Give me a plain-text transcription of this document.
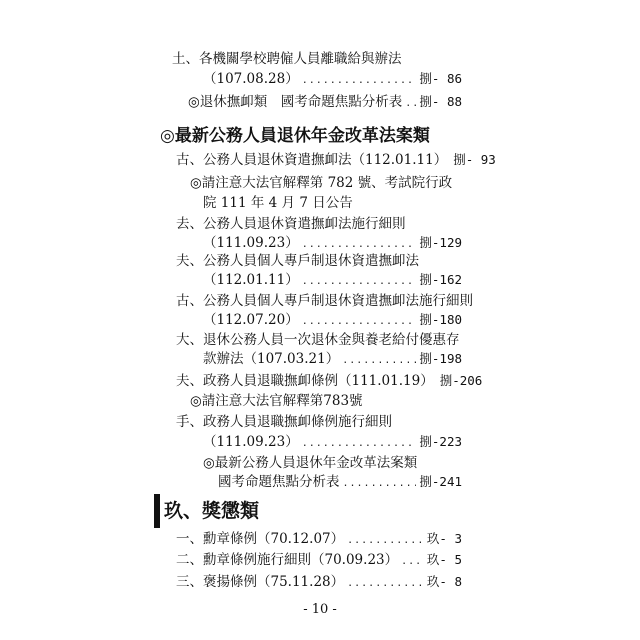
土、各機關學校聘僱人員離職給與辦法
（107.08.28） .....	捌- 86
◎退休撫卹類　國考命題焦點分析表 ..... 捌- 88
◎最新公務人員退休年金改革法案類
古、公務人員退休資遣撫卹法（112.01.11） 捌- 93
◎請注意大法官解釋第 782 號、考試院行政
院 111 年 4 月 7 日公告
去、公務人員退休資遣撫卹法施行細則
（111.09.23） .....	捌-129
夫、公務人員個人專戶制退休資遣撫卹法
（112.01.11） .....	捌-162
古、公務人員個人專戶制退休資遣撫卹法施行細則
（112.07.20） .....	捌-180
大、退休公務人員一次退休金與養老給付優惠存
款辦法（107.03.21） .....	捌-198
夫、政務人員退職撫卹條例（111.01.19） 捌-206
◎請注意大法官解釋第783號
手、政務人員退職撫卹條例施行細則
（111.09.23） .....	捌-223
◎最新公務人員退休年金改革法案類
國考命題焦點分析表 .....	捌-241
玖、獎懲類
一、勳章條例（70.12.07） .....	玖- 3
二、勳章條例施行細則（70.09.23） ..... 玖- 5
三、褒揚條例（75.11.28） .....	玖- 8
- 10 -
